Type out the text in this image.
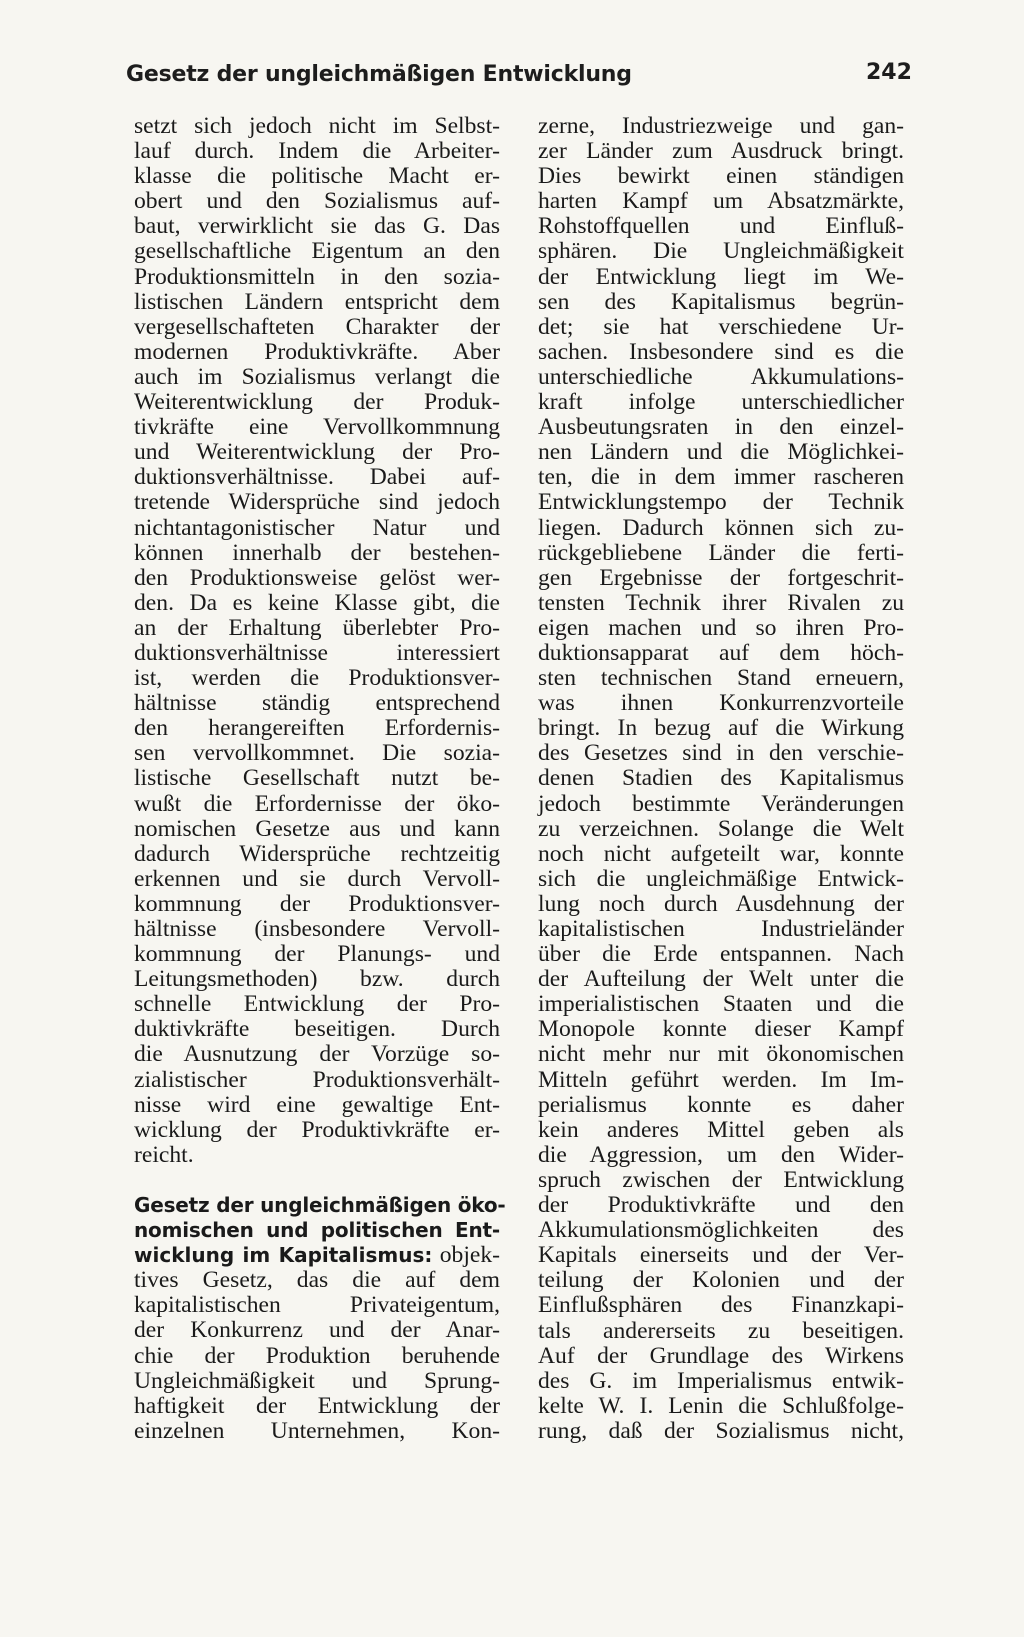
Gesetz der ungleichmäßigen Entwicklung	242
setzt sich jedoch nicht im Selbst-
lauf durch. Indem die Arbeiter-
klasse die politische Macht er-
obert und den Sozialismus auf-
baut, verwirklicht sie das G. Das
gesellschaftliche Eigentum an den
Produktionsmitteln in den sozia-
listischen Ländern entspricht dem
vergesellschafteten Charakter der
modernen Produktivkräfte. Aber
auch im Sozialismus verlangt die
Weiterentwicklung der Produk-
tivkräfte eine Vervollkommnung
und Weiterentwicklung der Pro-
duktionsverhältnisse. Dabei auf-
tretende Widersprüche sind jedoch
nichtantagonistischer Natur und
können innerhalb der bestehen-
den Produktionsweise gelöst wer-
den. Da es keine Klasse gibt, die
an der Erhaltung überlebter Pro-
duktionsverhältnisse interessiert
ist, werden die Produktionsver-
hältnisse ständig entsprechend
den herangereiften Erfordernis-
sen vervollkommnet. Die sozia-
listische Gesellschaft nutzt be-
wußt die Erfordernisse der öko-
nomischen Gesetze aus und kann
dadurch Widersprüche rechtzeitig
erkennen und sie durch Vervoll-
kommnung der Produktionsver-
hältnisse (insbesondere Vervoll-
kommnung der Planungs- und
Leitungsmethoden) bzw. durch
schnelle Entwicklung der Pro-
duktivkräfte beseitigen. Durch
die Ausnutzung der Vorzüge so-
zialistischer Produktionsverhält-
nisse wird eine gewaltige Ent-
wicklung der Produktivkräfte er-
reicht.
Gesetz der ungleichmäßigen öko-
nomischen und politischen Ent-
wicklung im Kapitalismus: objek-
tives Gesetz, das die auf dem
kapitalistischen Privateigentum,
der Konkurrenz und der Anar-
chie der Produktion beruhende
Ungleichmäßigkeit und Sprung-
haftigkeit der Entwicklung der
einzelnen Unternehmen, Kon-
zerne, Industriezweige und gan-
zer Länder zum Ausdruck bringt.
Dies bewirkt einen ständigen
harten Kampf um Absatzmärkte,
Rohstoffquellen und Einfluß-
sphären. Die Ungleichmäßigkeit
der Entwicklung liegt im We-
sen des Kapitalismus begrün-
det; sie hat verschiedene Ur-
sachen. Insbesondere sind es die
unterschiedliche Akkumulations-
kraft infolge unterschiedlicher
Ausbeutungsraten in den einzel-
nen Ländern und die Möglichkei-
ten, die in dem immer rascheren
Entwicklungstempo der Technik
liegen. Dadurch können sich zu-
rückgebliebene Länder die ferti-
gen Ergebnisse der fortgeschrit-
tensten Technik ihrer Rivalen zu
eigen machen und so ihren Pro-
duktionsapparat auf dem höch-
sten technischen Stand erneuern,
was ihnen Konkurrenzvorteile
bringt. In bezug auf die Wirkung
des Gesetzes sind in den verschie-
denen Stadien des Kapitalismus
jedoch bestimmte Veränderungen
zu verzeichnen. Solange die Welt
noch nicht aufgeteilt war, konnte
sich die ungleichmäßige Entwick-
lung noch durch Ausdehnung der
kapitalistischen Industrieländer
über die Erde entspannen. Nach
der Aufteilung der Welt unter die
imperialistischen Staaten und die
Monopole konnte dieser Kampf
nicht mehr nur mit ökonomischen
Mitteln geführt werden. Im Im-
perialismus konnte es daher
kein anderes Mittel geben als
die Aggression, um den Wider-
spruch zwischen der Entwicklung
der Produktivkräfte und den
Akkumulationsmöglichkeiten des
Kapitals einerseits und der Ver-
teilung der Kolonien und der
Einflußsphären des Finanzkapi-
tals andererseits zu beseitigen.
Auf der Grundlage des Wirkens
des G. im Imperialismus entwik-
kelte W. I. Lenin die Schlußfolge-
rung, daß der Sozialismus nicht,
